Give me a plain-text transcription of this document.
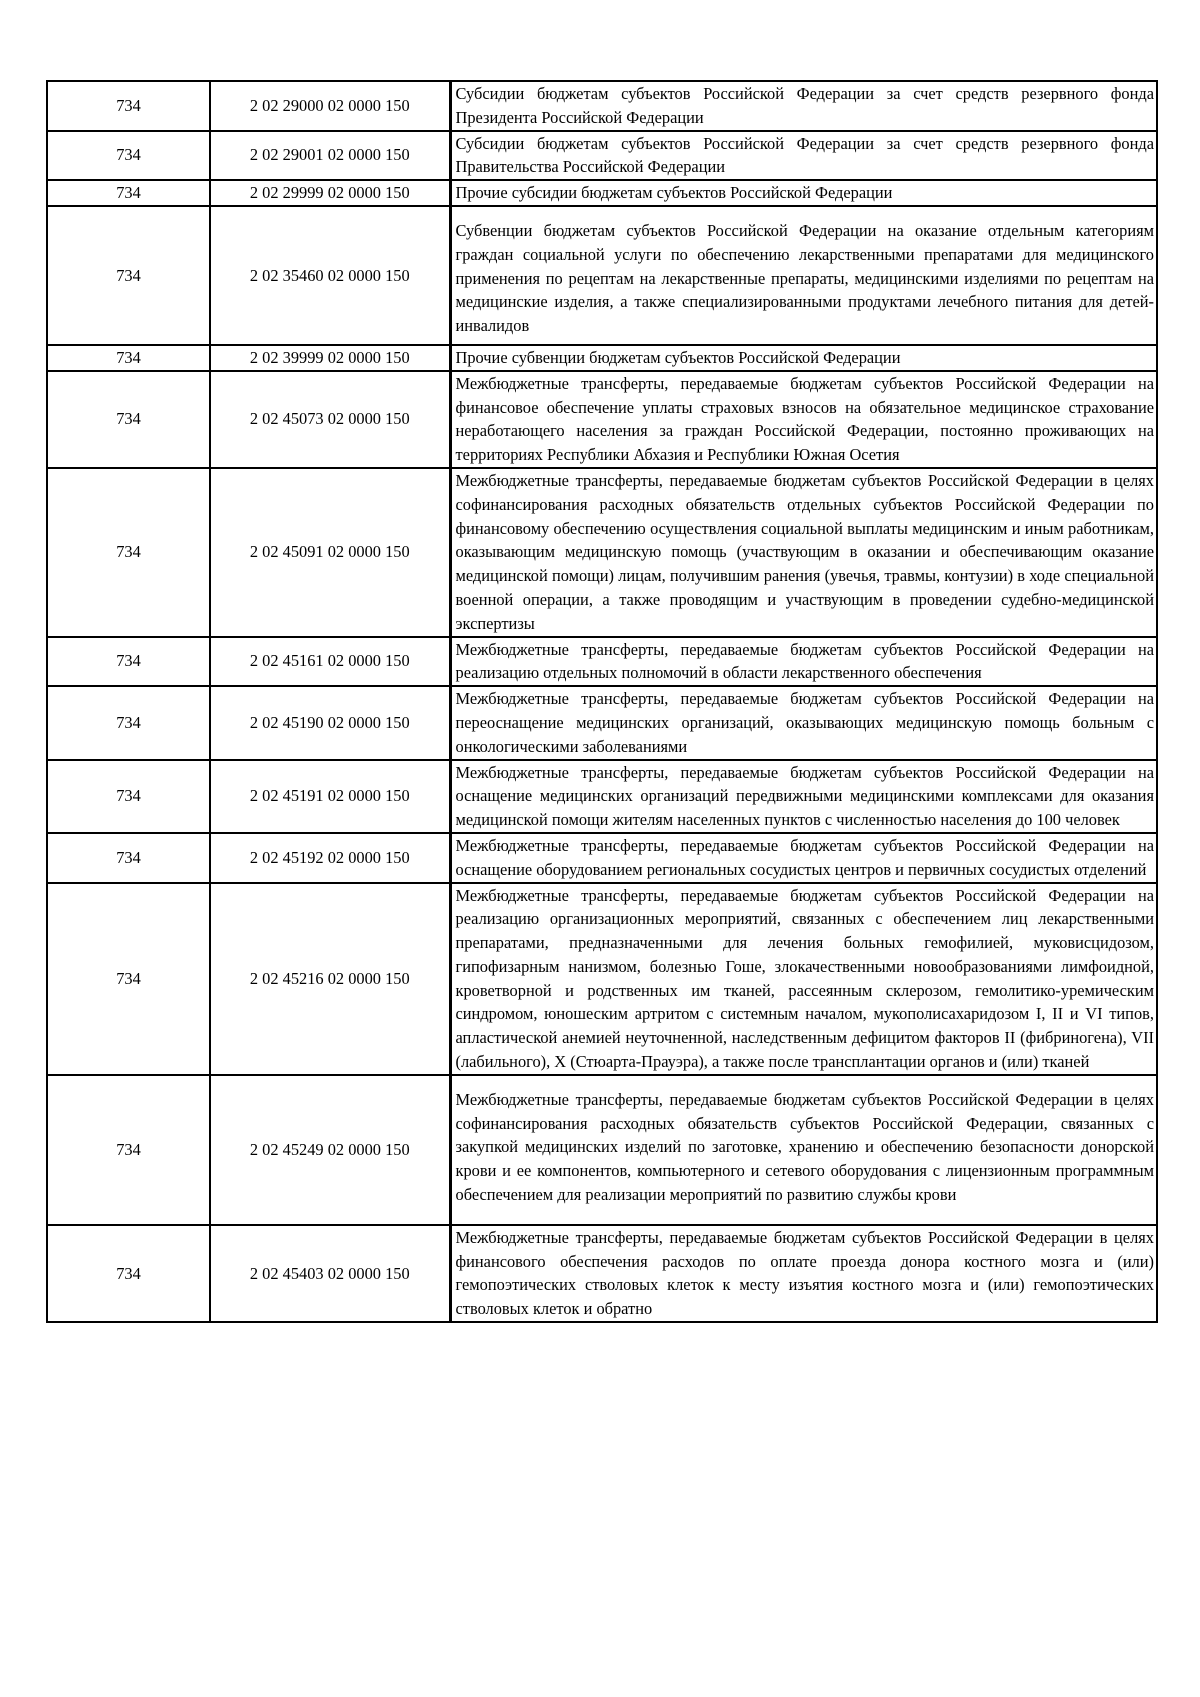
734	2 02 29000 02 0000 150	Субсидии бюджетам субъектов Российской Федерации за счет средств резервного фонда Президента Российской Федерации
734	2 02 29001 02 0000 150	Субсидии бюджетам субъектов Российской Федерации за счет средств резервного фонда Правительства Российской Федерации
734	2 02 29999 02 0000 150	Прочие субсидии бюджетам субъектов Российской Федерации
734	2 02 35460 02 0000 150	Субвенции бюджетам субъектов Российской Федерации на оказание отдельным категориям граждан социальной услуги по обеспечению лекарственными препаратами для медицинского применения по рецептам на лекарственные препараты, медицинскими изделиями по рецептам на медицинские изделия, а также специализированными продуктами лечебного питания для детей-инвалидов
734	2 02 39999 02 0000 150	Прочие субвенции бюджетам субъектов Российской Федерации
734	2 02 45073 02 0000 150	Межбюджетные трансферты, передаваемые бюджетам субъектов Российской Федерации на финансовое обеспечение уплаты страховых взносов на обязательное медицинское страхование неработающего населения за граждан Российской Федерации, постоянно проживающих на территориях Республики Абхазия и Республики Южная Осетия
734	2 02 45091 02 0000 150	Межбюджетные трансферты, передаваемые бюджетам субъектов Российской Федерации в целях софинансирования расходных обязательств отдельных субъектов Российской Федерации по финансовому обеспечению осуществления социальной выплаты медицинским и иным работникам, оказывающим медицинскую помощь (участвующим в оказании и обеспечивающим оказание медицинской помощи) лицам, получившим ранения (увечья, травмы, контузии) в ходе специальной военной операции, а также проводящим и участвующим в проведении судебно-медицинской экспертизы
734	2 02 45161 02 0000 150	Межбюджетные трансферты, передаваемые бюджетам субъектов Российской Федерации на реализацию отдельных полномочий в области лекарственного обеспечения
734	2 02 45190 02 0000 150	Межбюджетные трансферты, передаваемые бюджетам субъектов Российской Федерации на переоснащение медицинских организаций, оказывающих медицинскую помощь больным с онкологическими заболеваниями
734	2 02 45191 02 0000 150	Межбюджетные трансферты, передаваемые бюджетам субъектов Российской Федерации на оснащение медицинских организаций передвижными медицинскими комплексами для оказания медицинской помощи жителям населенных пунктов с численностью населения до 100 человек
734	2 02 45192 02 0000 150	Межбюджетные трансферты, передаваемые бюджетам субъектов Российской Федерации на оснащение оборудованием региональных сосудистых центров и первичных сосудистых отделений
734	2 02 45216 02 0000 150	Межбюджетные трансферты, передаваемые бюджетам субъектов Российской Федерации на реализацию организационных мероприятий, связанных с обеспечением лиц лекарственными препаратами, предназначенными для лечения больных гемофилией, муковисцидозом, гипофизарным нанизмом, болезнью Гоше, злокачественными новообразованиями лимфоидной, кроветворной и родственных им тканей, рассеянным склерозом, гемолитико-уремическим синдромом, юношеским артритом с системным началом, мукополисахаридозом I, II и VI типов, апластической анемией неуточненной, наследственным дефицитом факторов II (фибриногена), VII (лабильного), X (Стюарта-Прауэра), а также после трансплантации органов и (или) тканей
734	2 02 45249 02 0000 150	Межбюджетные трансферты, передаваемые бюджетам субъектов Российской Федерации в целях софинансирования расходных обязательств субъектов Российской Федерации, связанных с закупкой медицинских изделий по заготовке, хранению и обеспечению безопасности донорской крови и ее компонентов, компьютерного и сетевого оборудования с лицензионным программным обеспечением для реализации мероприятий по развитию службы крови
734	2 02 45403 02 0000 150	Межбюджетные трансферты, передаваемые бюджетам субъектов Российской Федерации в целях финансового обеспечения расходов по оплате проезда донора костного мозга и (или) гемопоэтических стволовых клеток к месту изъятия костного мозга и (или) гемопоэтических стволовых клеток и обратно
